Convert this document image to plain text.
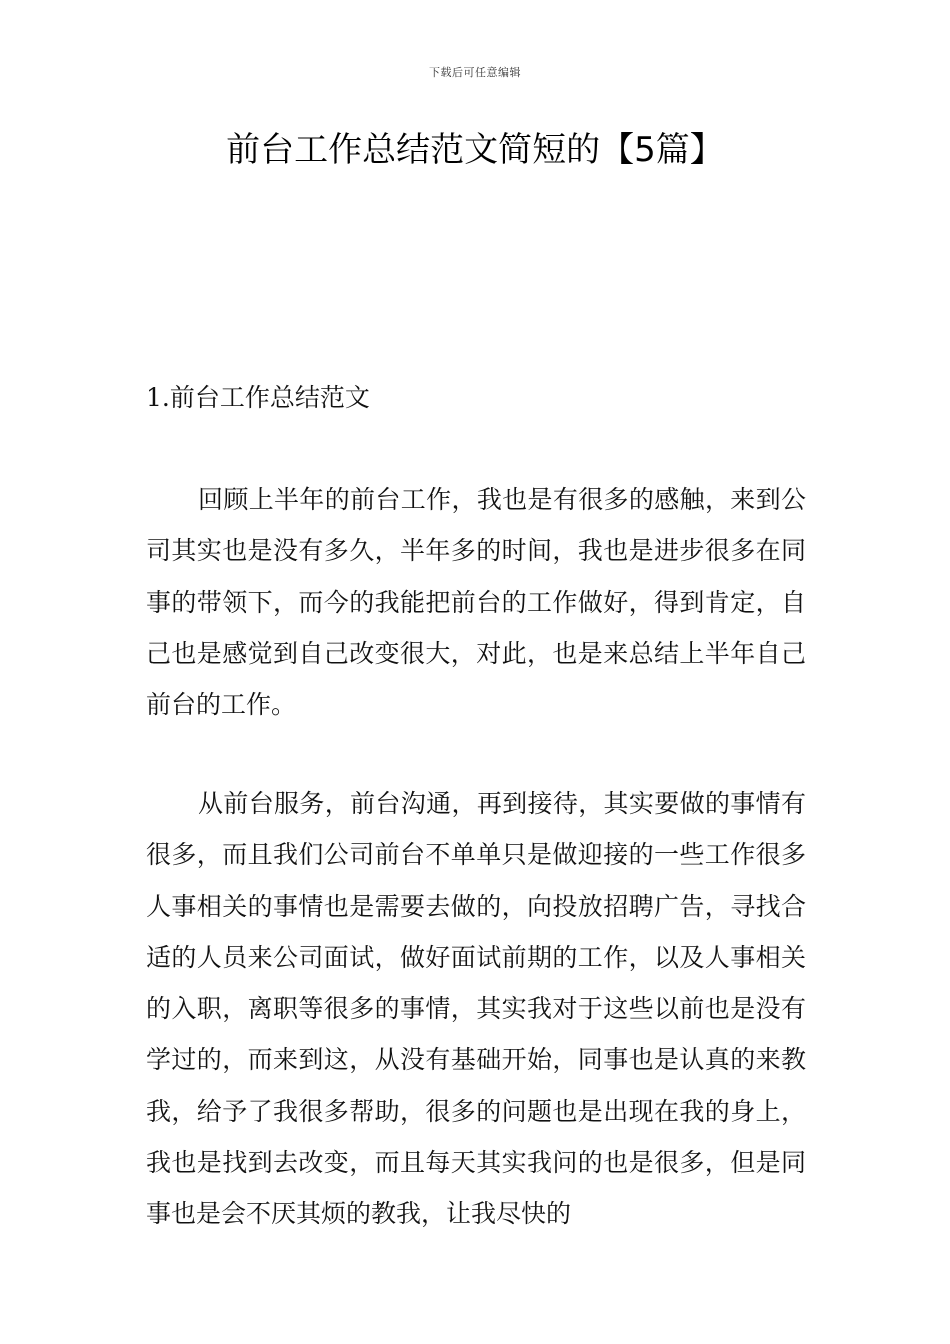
下载后可任意编辑
前台工作总结范文简短的【5篇】
1.前台工作总结范文

回顾上半年的前台工作，我也是有很多的感触，来到公司其实也是没有多久，半年多的时间，我也是进步很多在同事的带领下，而今的我能把前台的工作做好，得到肯定，自己也是感觉到自己改变很大，对此，也是来总结上半年自己前台的工作。

从前台服务，前台沟通，再到接待，其实要做的事情有很多，而且我们公司前台不单单只是做迎接的一些工作很多人事相关的事情也是需要去做的，向投放招聘广告，寻找合适的人员来公司面试，做好面试前期的工作，以及人事相关的入职，离职等很多的事情，其实我对于这些以前也是没有学过的，而来到这，从没有基础开始，同事也是认真的来教我，给予了我很多帮助，很多的问题也是出现在我的身上，我也是找到去改变，而且每天其实我问的也是很多，但是同事也是会不厌其烦的教我，让我尽快的
